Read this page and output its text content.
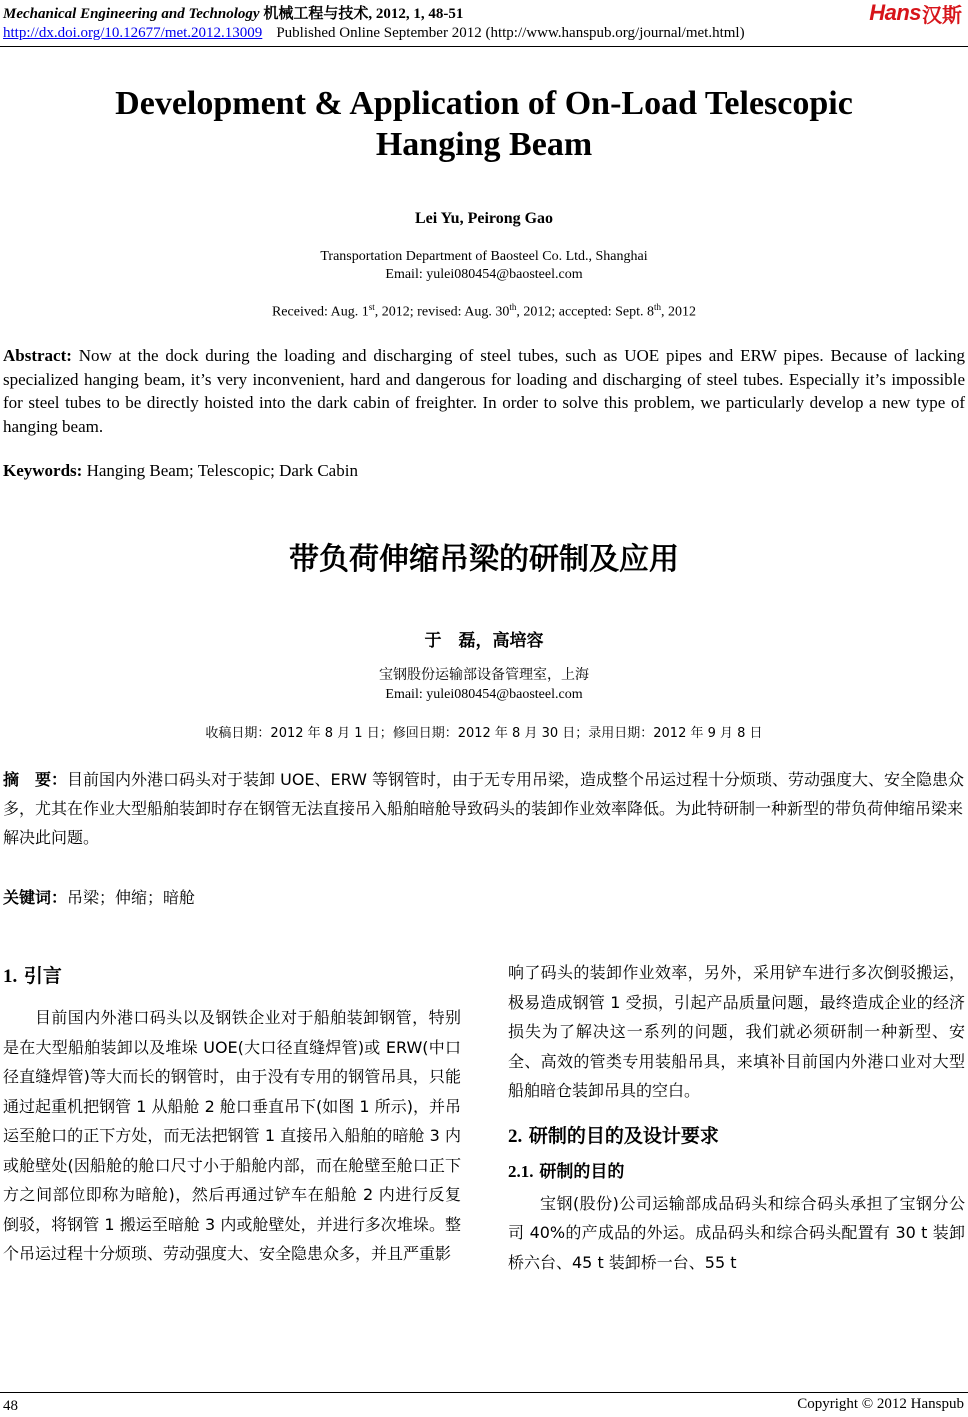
Mechanical Engineering and Technology 机械工程与技术, 2012, 1, 48-51	Hans 汉斯
http://dx.doi.org/10.12677/met.2012.13009 Published Online September 2012 (http://www.hanspub.org/journal/met.html)
Development & Application of On-Load Telescopic
Hanging Beam
Lei Yu, Peirong Gao
Transportation Department of Baosteel Co. Ltd., Shanghai
Email: yulei080454@baosteel.com
Received: Aug. 1st, 2012; revised: Aug. 30th, 2012; accepted: Sept. 8th, 2012
Abstract: Now at the dock during the loading and discharging of steel tubes, such as UOE pipes and ERW pipes. Because of lacking specialized hanging beam, it’s very inconvenient, hard and dangerous for loading and discharging of steel tubes. Especially it’s impossible for steel tubes to be directly hoisted into the dark cabin of freighter. In order to solve this problem, we particularly develop a new type of hanging beam.
Keywords: Hanging Beam; Telescopic; Dark Cabin
带负荷伸缩吊梁的研制及应用
于　磊，高培容
宝钢股份运输部设备管理室，上海
Email: yulei080454@baosteel.com
收稿日期：2012 年 8 月 1 日；修回日期：2012 年 8 月 30 日；录用日期：2012 年 9 月 8 日
摘　要：目前国内外港口码头对于装卸 UOE、ERW 等钢管时，由于无专用吊梁，造成整个吊运过程十分烦琐、劳动强度大、安全隐患众多，尤其在作业大型船舶装卸时存在钢管无法直接吊入船舶暗舱导致码头的装卸作业效率降低。为此特研制一种新型的带负荷伸缩吊梁来解决此问题。
关键词：吊梁；伸缩；暗舱
1. 引言

目前国内外港口码头以及钢铁企业对于船舶装卸钢管，特别是在大型船舶装卸以及堆垛 UOE(大口径直缝焊管)或 ERW(中口径直缝焊管)等大而长的钢管时，由于没有专用的钢管吊具，只能通过起重机把钢管 1 从船舱 2 舱口垂直吊下(如图 1 所示)，并吊运至舱口的正下方处，而无法把钢管 1 直接吊入船舶的暗舱 3 内或舱壁处(因船舱的舱口尺寸小于船舱内部，而在舱壁至舱口正下方之间部位即称为暗舱)，然后再通过铲车在船舱 2 内进行反复倒驳，将钢管 1 搬运至暗舱 3 内或舱壁处，并进行多次堆垛。整个吊运过程十分烦琐、劳动强度大、安全隐患众多，并且严重影

响了码头的装卸作业效率，另外，采用铲车进行多次倒驳搬运，极易造成钢管 1 受损，引起产品质量问题，最终造成企业的经济损失为了解决这一系列的问题，我们就必须研制一种新型、安全、高效的管类专用装船吊具，来填补目前国内外港口业对大型船舶暗仓装卸吊具的空白。

2. 研制的目的及设计要求
2.1. 研制的目的

宝钢(股份)公司运输部成品码头和综合码头承担了宝钢分公司 40%的产成品的外运。成品码头和综合码头配置有 30 t 装卸桥六台、45 t 装卸桥一台、55 t

48	Copyright © 2012 Hanspub
